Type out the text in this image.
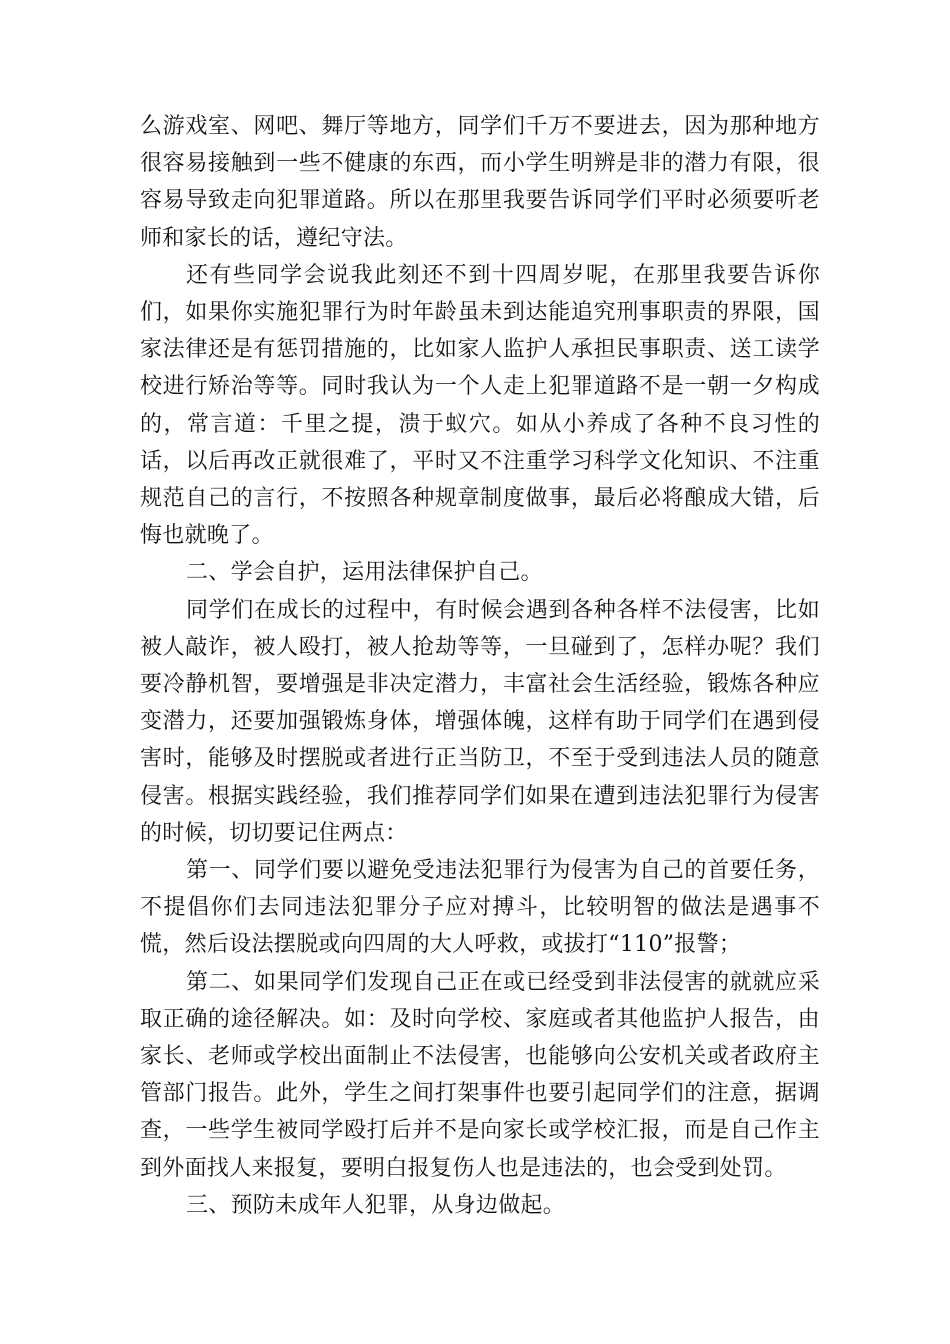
么游戏室、网吧、舞厅等地方，同学们千万不要进去，因为那种地方很容易接触到一些不健康的东西，而小学生明辨是非的潜力有限，很容易导致走向犯罪道路。所以在那里我要告诉同学们平时必须要听老师和家长的话，遵纪守法。

还有些同学会说我此刻还不到十四周岁呢，在那里我要告诉你们，如果你实施犯罪行为时年龄虽未到达能追究刑事职责的界限，国家法律还是有惩罚措施的，比如家人监护人承担民事职责、送工读学校进行矫治等等。同时我认为一个人走上犯罪道路不是一朝一夕构成的，常言道：千里之提，溃于蚁穴。如从小养成了各种不良习性的话，以后再改正就很难了，平时又不注重学习科学文化知识、不注重规范自己的言行，不按照各种规章制度做事，最后必将酿成大错，后悔也就晚了。

二、学会自护，运用法律保护自己。

同学们在成长的过程中，有时候会遇到各种各样不法侵害，比如被人敲诈，被人殴打，被人抢劫等等，一旦碰到了，怎样办呢？我们要冷静机智，要增强是非决定潜力，丰富社会生活经验，锻炼各种应变潜力，还要加强锻炼身体，增强体魄，这样有助于同学们在遇到侵害时，能够及时摆脱或者进行正当防卫，不至于受到违法人员的随意侵害。根据实践经验，我们推荐同学们如果在遭到违法犯罪行为侵害的时候，切切要记住两点：

第一、同学们要以避免受违法犯罪行为侵害为自己的首要任务，不提倡你们去同违法犯罪分子应对搏斗，比较明智的做法是遇事不慌，然后设法摆脱或向四周的大人呼救，或拔打“110”报警；

第二、如果同学们发现自己正在或已经受到非法侵害的就就应采取正确的途径解决。如：及时向学校、家庭或者其他监护人报告，由家长、老师或学校出面制止不法侵害，也能够向公安机关或者政府主管部门报告。此外，学生之间打架事件也要引起同学们的注意，据调查，一些学生被同学殴打后并不是向家长或学校汇报，而是自己作主到外面找人来报复，要明白报复伤人也是违法的，也会受到处罚。

三、预防未成年人犯罪，从身边做起。
